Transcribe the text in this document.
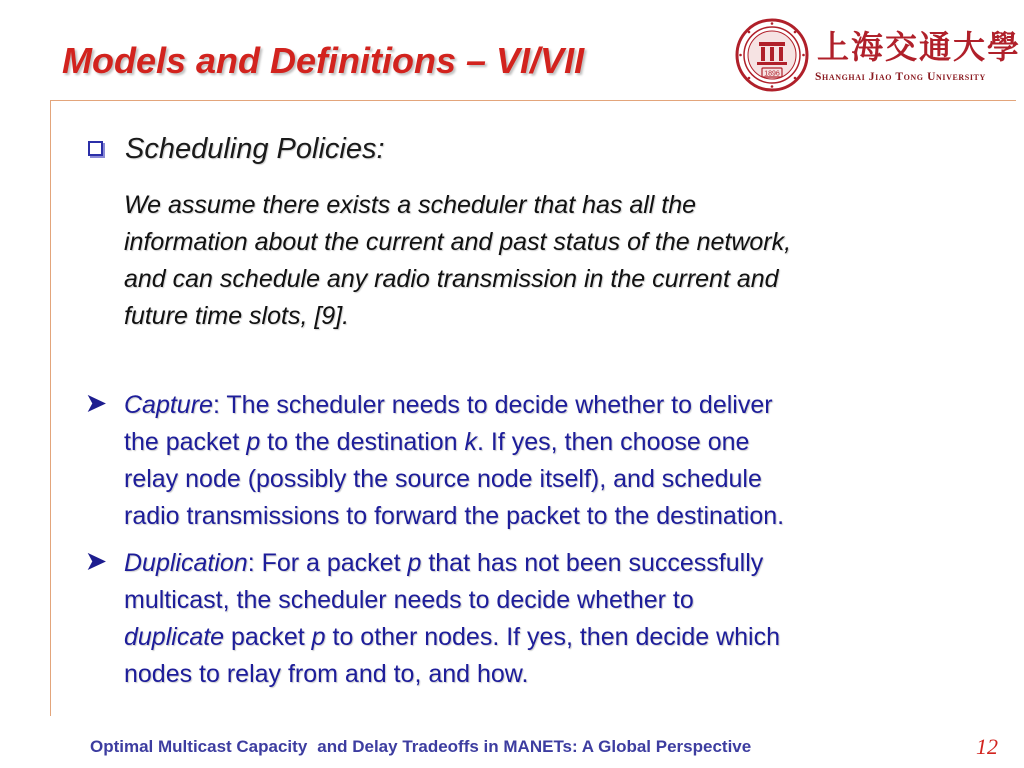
Models and Definitions – VI/VII	1896
上海交通大學
Shanghai Jiao Tong University
Scheduling Policies:
We assume there exists a scheduler that has all the
information about the current and past status of the network,
and can schedule any radio transmission in the current and
future time slots, [9].
➤ Capture: The scheduler needs to decide whether to deliver
the packet p to the destination k. If yes, then choose one
relay node (possibly the source node itself), and schedule
radio transmissions to forward the packet to the destination.
➤ Duplication: For a packet p that has not been successfully
multicast, the scheduler needs to decide whether to
duplicate packet p to other nodes. If yes, then decide which
nodes to relay from and to, and how.
Optimal Multicast Capacity and Delay Tradeoffs in MANETs: A Global Perspective	12
